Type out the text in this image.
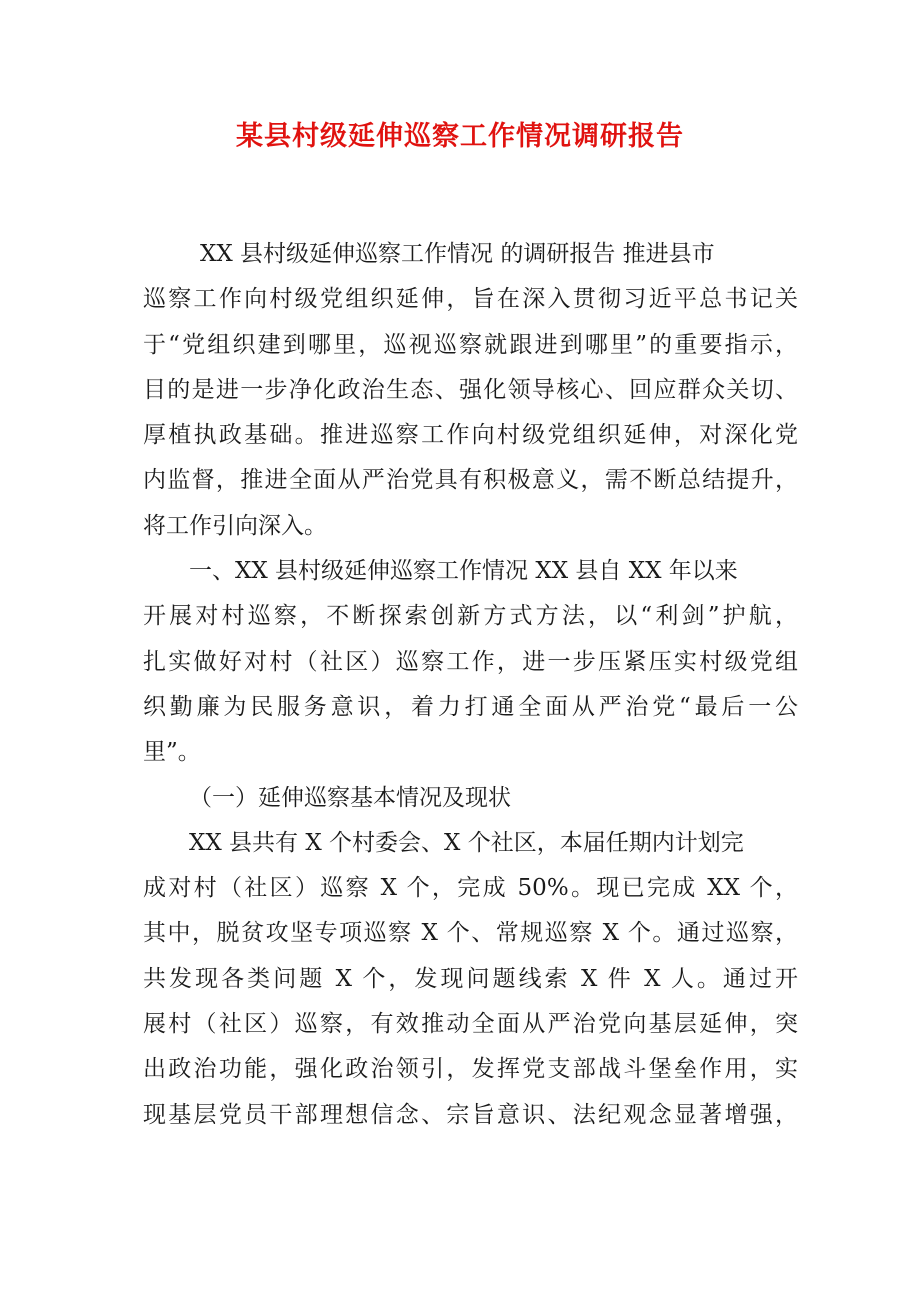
某县村级延伸巡察工作情况调研报告
XX 县村级延伸巡察工作情况 的调研报告 推进县市
巡察工作向村级党组织延伸，旨在深入贯彻习近平总书记关
于“党组织建到哪里，巡视巡察就跟进到哪里”的重要指示，
目的是进一步净化政治生态、强化领导核心、回应群众关切、
厚植执政基础。推进巡察工作向村级党组织延伸，对深化党
内监督，推进全面从严治党具有积极意义，需不断总结提升，
将工作引向深入。
一、XX 县村级延伸巡察工作情况 XX 县自 XX 年以来
开展对村巡察，不断探索创新方式方法，以“利剑”护航，
扎实做好对村（社区）巡察工作，进一步压紧压实村级党组
织勤廉为民服务意识，着力打通全面从严治党“最后一公
里”。
（一）延伸巡察基本情况及现状
XX 县共有 X 个村委会、X 个社区，本届任期内计划完
成对村（社区）巡察 X 个，完成 50%。现已完成 XX 个，
其中，脱贫攻坚专项巡察 X 个、常规巡察 X 个。通过巡察，
共发现各类问题 X 个，发现问题线索 X 件 X 人。通过开
展村（社区）巡察，有效推动全面从严治党向基层延伸，突
出政治功能，强化政治领引，发挥党支部战斗堡垒作用，实
现基层党员干部理想信念、宗旨意识、法纪观念显著增强，
